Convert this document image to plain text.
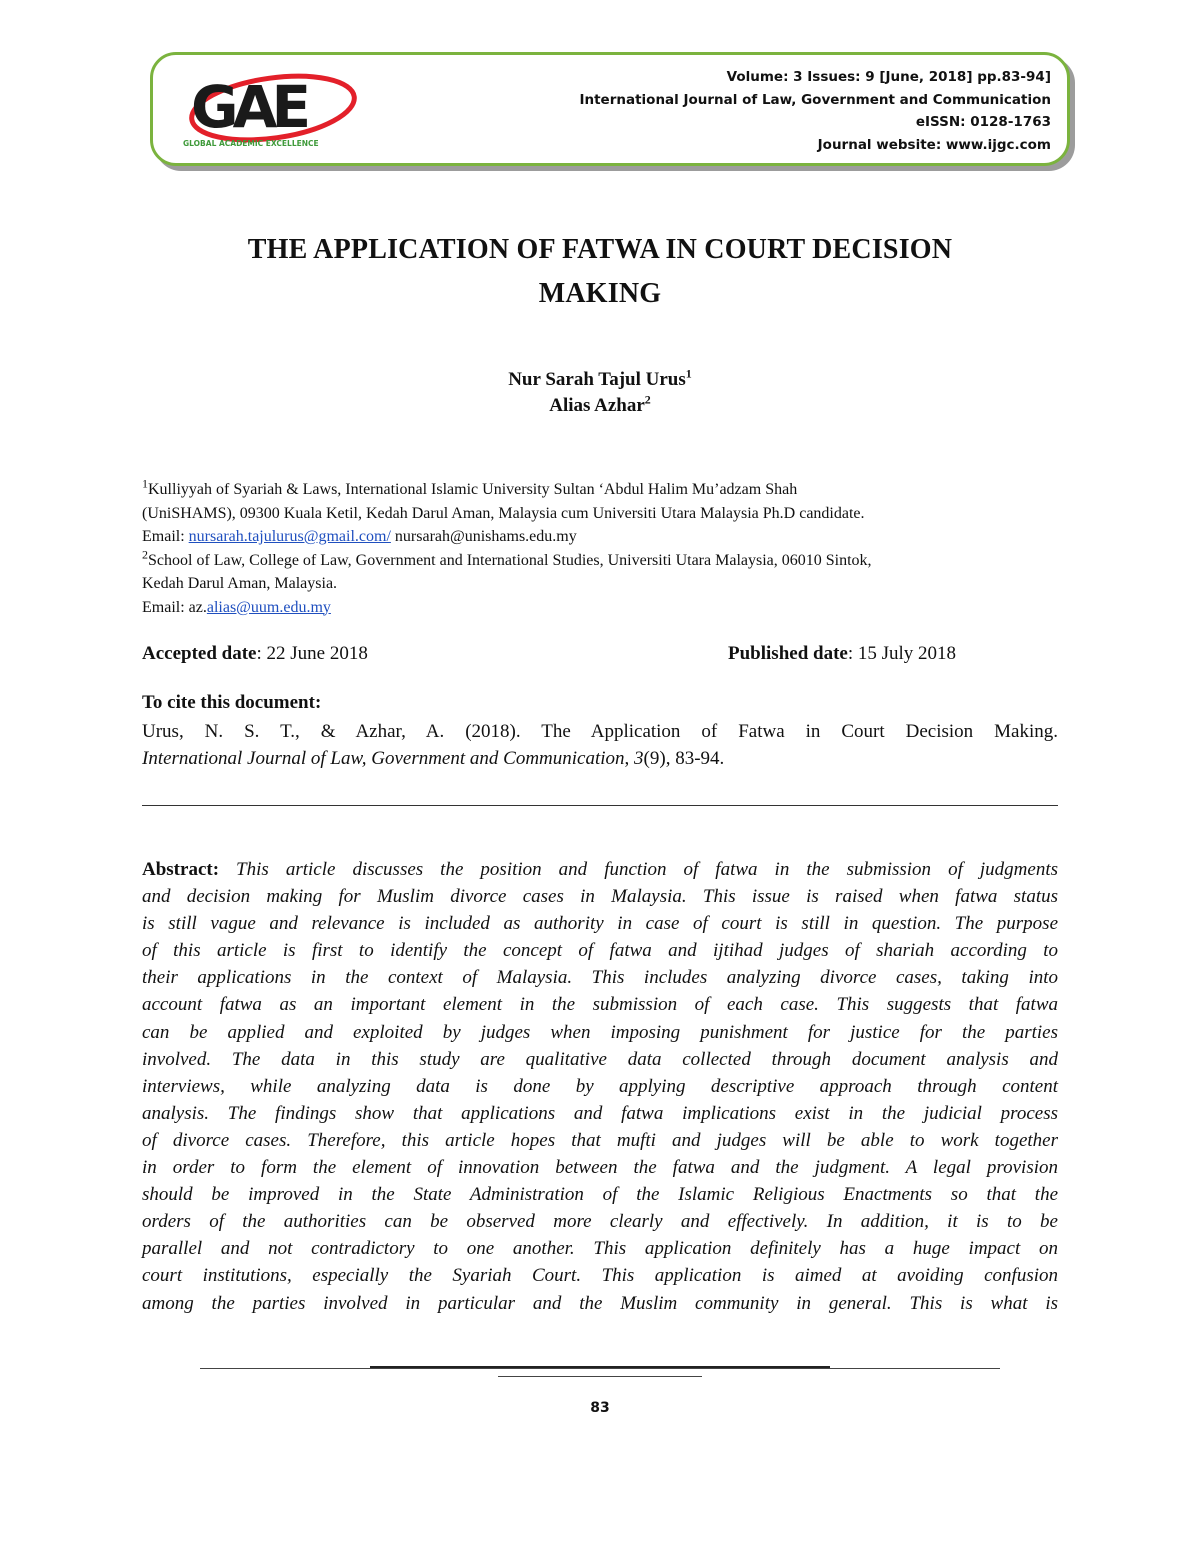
GAE
GLOBAL ACADEMIC EXCELLENCE
Volume: 3 Issues: 9 [June, 2018] pp.83-94]
International Journal of Law, Government and Communication
eISSN: 0128-1763
Journal website: www.ijgc.com
THE APPLICATION OF FATWA IN COURT DECISION
MAKING
Nur Sarah Tajul Urus$^1$
Alias Azhar$^2$
$^1$Kulliyyah of Syariah & Laws, International Islamic University Sultan ‘Abdul Halim Mu’adzam Shah
(UniSHAMS), 09300 Kuala Ketil, Kedah Darul Aman, Malaysia cum Universiti Utara Malaysia Ph.D candidate.
Email: nursarah.tajulurus@gmail.com/ nursarah@unishams.edu.my
$^2$School of Law, College of Law, Government and International Studies, Universiti Utara Malaysia, 06010 Sintok,
Kedah Darul Aman, Malaysia.
Email: az.alias@uum.edu.my
Accepted date: 22 June 2018	Published date: 15 July 2018
To cite this document:
Urus, N. S. T., & Azhar, A. (2018). The Application of Fatwa in Court Decision Making.
International Journal of Law, Government and Communication, 3(9), 83-94.
Abstract: This article discusses the position and function of fatwa in the submission of judgments
and decision making for Muslim divorce cases in Malaysia. This issue is raised when fatwa status
is still vague and relevance is included as authority in case of court is still in question. The purpose
of this article is first to identify the concept of fatwa and ijtihad judges of shariah according to
their applications in the context of Malaysia. This includes analyzing divorce cases, taking into
account fatwa as an important element in the submission of each case. This suggests that fatwa
can be applied and exploited by judges when imposing punishment for justice for the parties
involved. The data in this study are qualitative data collected through document analysis and
interviews, while analyzing data is done by applying descriptive approach through content
analysis. The findings show that applications and fatwa implications exist in the judicial process
of divorce cases. Therefore, this article hopes that mufti and judges will be able to work together
in order to form the element of innovation between the fatwa and the judgment. A legal provision
should be improved in the State Administration of the Islamic Religious Enactments so that the
orders of the authorities can be observed more clearly and effectively. In addition, it is to be
parallel and not contradictory to one another. This application definitely has a huge impact on
court institutions, especially the Syariah Court. This application is aimed at avoiding confusion
among the parties involved in particular and the Muslim community in general. This is what is
83
